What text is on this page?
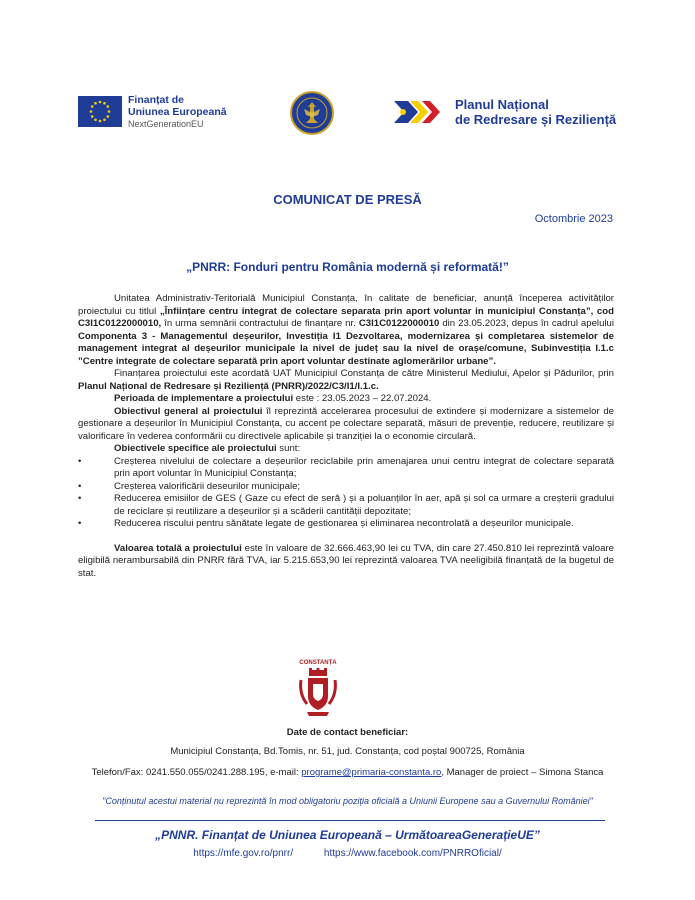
Finanțat de
Uniunea Europeană
NextGenerationEU
Planul Național
de Redresare și Reziliență
COMUNICAT DE PRESĂ
Octombrie 2023
„PNRR: Fonduri pentru România modernă și reformată!”

Unitatea Administrativ-Teritorială Municipiul Constanța, în calitate de beneficiar, anunță începerea activităților proiectului cu titlul „Înființare centru integrat de colectare separata prin aport voluntar in municipiul Constanța”, cod C3I1C0122000010, în urma semnării contractului de finanțare nr. C3I1C0122000010 din 23.05.2023, depus în cadrul apelului Componenta 3 - Managementul deșeurilor, Investiția I1 Dezvoltarea, modernizarea și completarea sistemelor de management integrat al deșeurilor municipale la nivel de județ sau la nivel de orașe/comune, Subinvestiția I.1.c ”Centre integrate de colectare separată prin aport voluntar destinate aglomerărilor urbane”.

Finanțarea proiectului este acordată UAT Municipiul Constanța de către Ministerul Mediului, Apelor și Pădurilor, prin Planul Național de Redresare și Reziliență (PNRR)/2022/C3/I1/I.1.c.

Perioada de implementare a proiectului este : 23.05.2023 – 22.07.2024.

Obiectivul general al proiectului îl reprezintă accelerarea procesului de extindere și modernizare a sistemelor de gestionare a deșeurilor în Municipiul Constanța, cu accent pe colectare separată, măsuri de prevenție, reducere, reutilizare și valorificare în vederea conformării cu directivele aplicabile și tranziției la o economie circulară.

Obiectivele specifice ale proiectului sunt:

•	Creșterea nivelului de colectare a deșeurilor reciclabile prin amenajarea unui centru integrat de colectare separată prin aport voluntar în Municipiul Constanța;
•	Creșterea valorificării deseurilor municipale;
•	Reducerea emisiilor de GES ( Gaze cu efect de seră ) și a poluanților în aer, apă și sol ca urmare a creșterii gradului de reciclare și reutilizare a deșeurilor și a scăderii cantității depozitate;
•	Reducerea riscului pentru sănătate legate de gestionarea și eliminarea necontrolată a deșeurilor municipale.

Valoarea totală a proiectului este în valoare de 32.666.463,90 lei cu TVA, din care 27.450.810 lei reprezintă valoare eligibilă nerambursabilă din PNRR fără TVA, iar 5.215.653,90 lei reprezintă valoarea TVA neeligibilă finanțată de la bugetul de stat.

CONSTANȚA
Date de contact beneficiar:
Municipiul Constanța, Bd.Tomis, nr. 51, jud. Constanța, cod poștal 900725, România
Telefon/Fax: 0241.550.055/0241.288.195, e-mail: programe@primaria-constanta.ro, Manager de proiect – Simona Stanca
"Conținutul acestui material nu reprezintă în mod obligatoriu poziția oficială a Uniunii Europene sau a Guvernului României"
„PNNR. Finanțat de Uniunea Europeană – UrmătoareaGenerațieUE”
https://mfe.gov.ro/pnrr/	https://www.facebook.com/PNRROficial/
